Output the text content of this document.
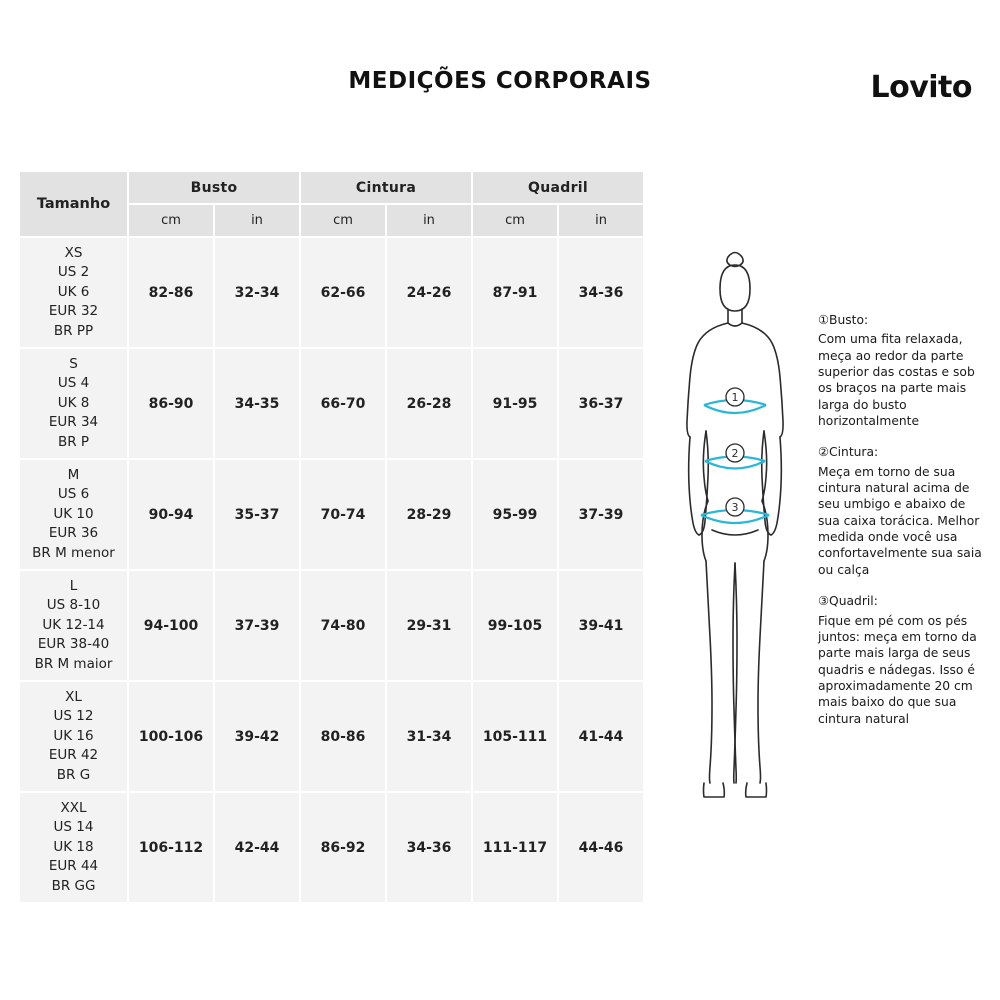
MEDIÇÕES CORPORAIS	Lovito
Tamanho	Busto		Cintura		Quadril	
	cm	in	cm	in	cm	in

XS
US 2
UK 6
EUR 32
BR PP	82-86	32-34	62-66	24-26	87-91	34-36

S
US 4
UK 8
EUR 34
BR P	86-90	34-35	66-70	26-28	91-95	36-37

M
US 6
UK 10
EUR 36
BR M menor	90-94	35-37	70-74	28-29	95-99	37-39

L
US 8-10
UK 12-14
EUR 38-40
BR M maior	94-100	37-39	74-80	29-31	99-105	39-41

XL
US 12
UK 16
EUR 42
BR G	100-106	39-42	80-86	31-34	105-111	41-44

XXL
US 14
UK 18
EUR 44
BR GG	106-112	42-44	86-92	34-36	111-117	44-46
1
2
3
①Busto:
Com uma fita relaxada, meça ao redor da parte superior das costas e sob os braços na parte mais larga do busto horizontalmente
②Cintura:
Meça em torno de sua cintura natural acima de seu umbigo e abaixo de sua caixa torácica. Melhor medida onde você usa confortavelmente sua saia ou calça
③Quadril:
Fique em pé com os pés juntos: meça em torno da parte mais larga de seus quadris e nádegas. Isso é aproximadamente 20 cm mais baixo do que sua cintura natural
